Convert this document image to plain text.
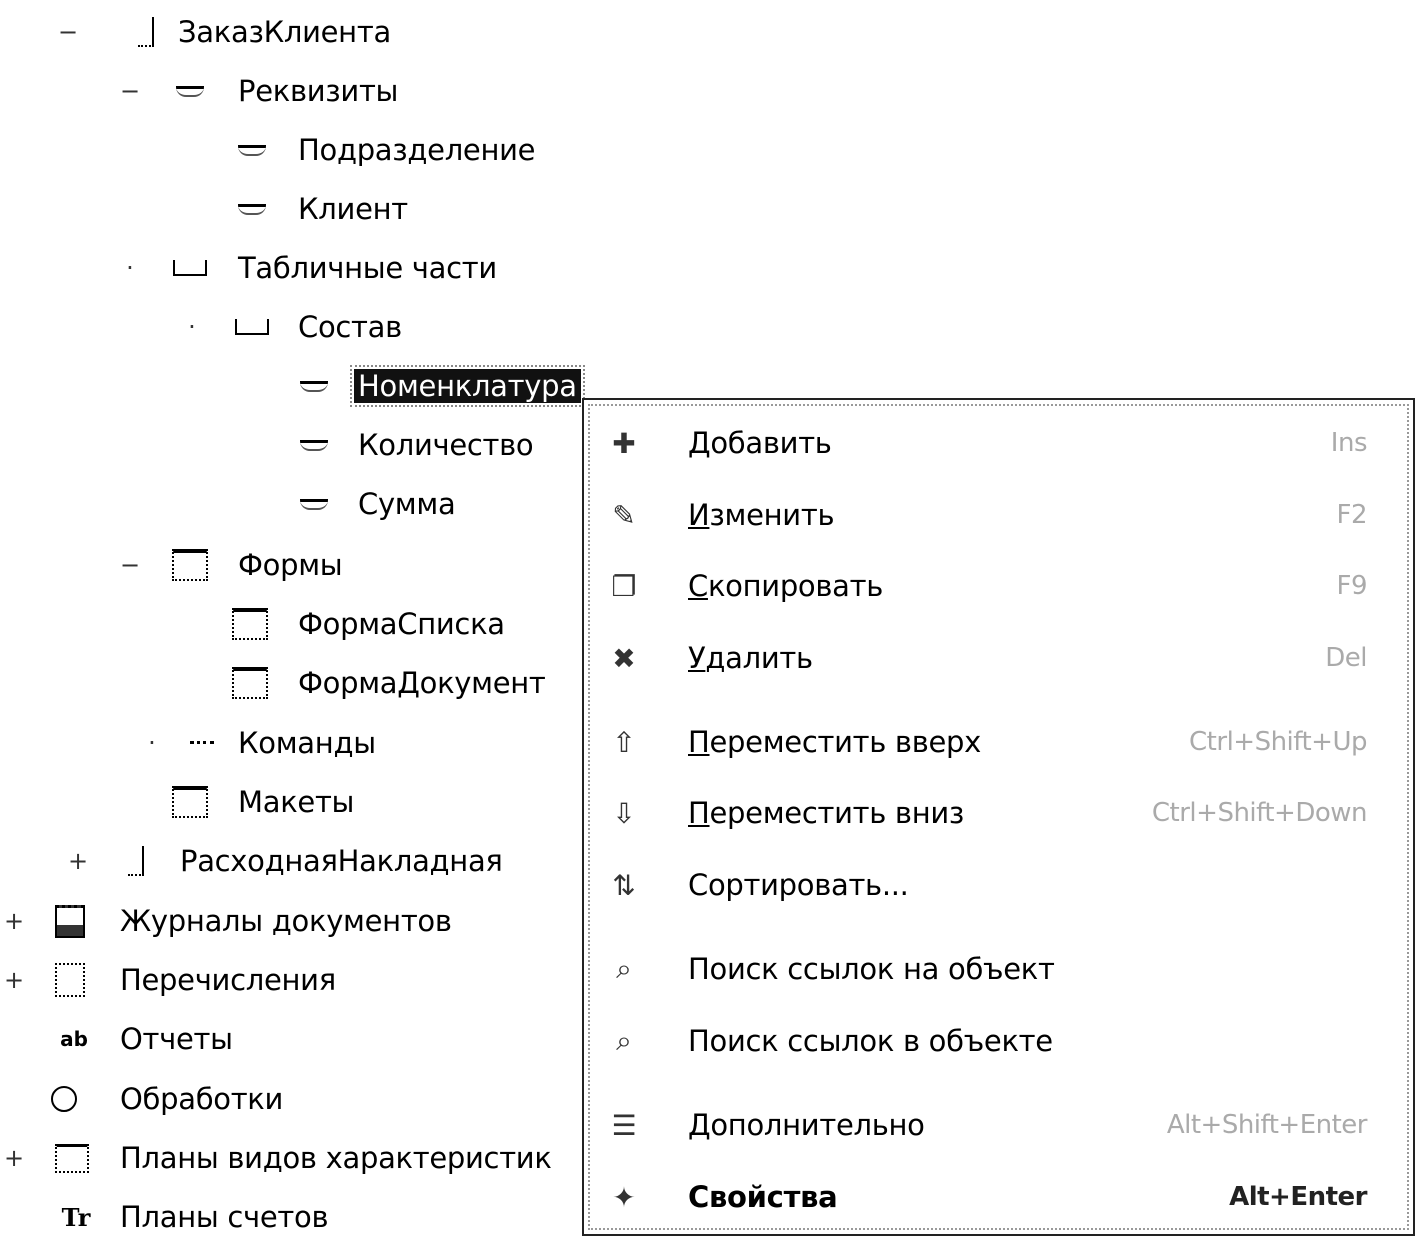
−	ЗаказКлиента
−	Реквизиты
Подразделение
Клиент
·	Табличные части
·	Состав
Номенклатура
Количество
Сумма
−	Формы
ФормаСписка
ФормаДокумент
·	Команды
Макеты
+	РасходнаяНакладная
+	Журналы документов
+	Перечисления
ab Отчеты
Обработки
+	Планы видов характеристик
Tr Планы счетов
✚	Добавить	Ins
✎	Изменить	F2
❐	Скопировать	F9
✖	Удалить	Del
⇧	Переместить вверх	Ctrl+Shift+Up
⇩	Переместить вниз	Ctrl+Shift+Down
⇅	Сортировать...
⌕	Поиск ссылок на объект
⌕	Поиск ссылок в объекте
☰	Дополнительно	Alt+Shift+Enter
✦	Свойства	Alt+Enter
